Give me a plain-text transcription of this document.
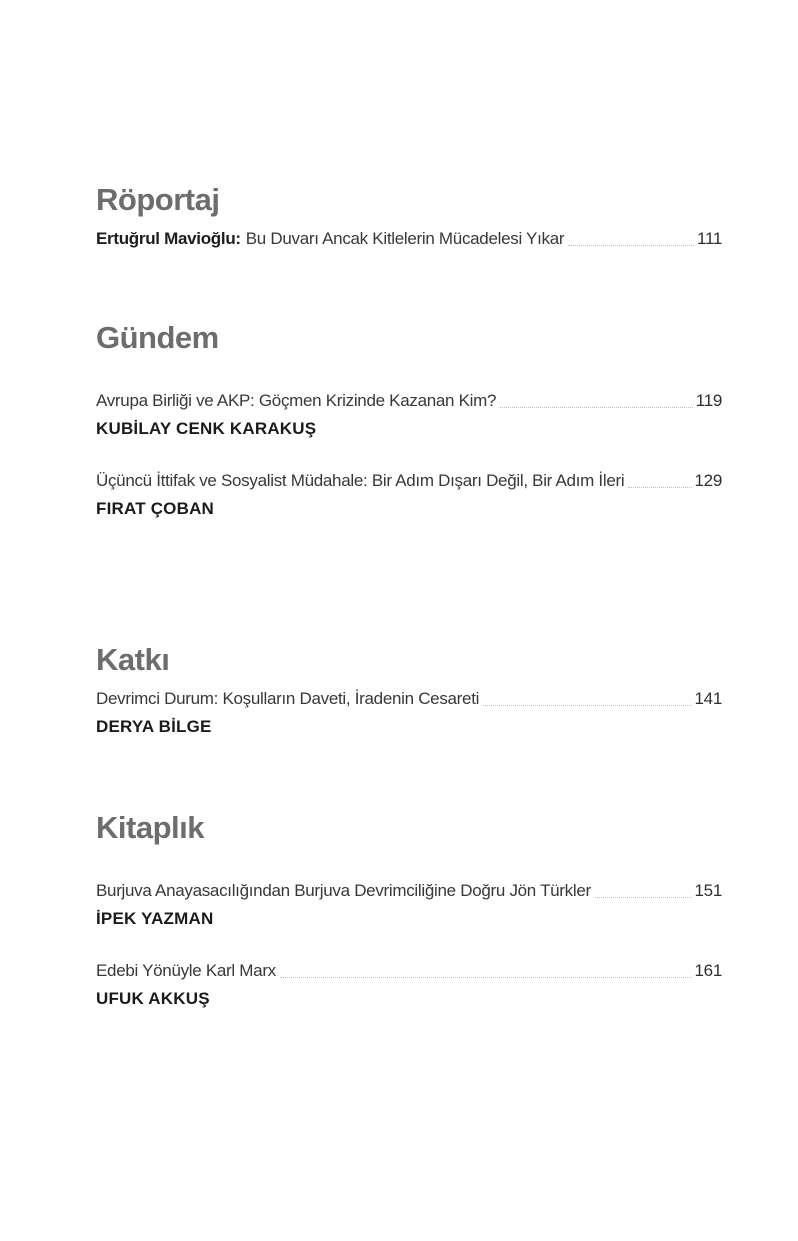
Röportaj
Ertuğrul Mavioğlu: Bu Duvarı Ancak Kitlelerin Mücadelesi Yıkar	111
Gündem
Avrupa Birliği ve AKP: Göçmen Krizinde Kazanan Kim?	119
KUBİLAY CENK KARAKUŞ
Üçüncü İttifak ve Sosyalist Müdahale: Bir Adım Dışarı Değil, Bir Adım İleri	129
FIRAT ÇOBAN
Katkı
Devrimci Durum: Koşulların Daveti, İradenin Cesareti	141
DERYA BİLGE
Kitaplık
Burjuva Anayasacılığından Burjuva Devrimciliğine Doğru Jön Türkler	151
İPEK YAZMAN
Edebi Yönüyle Karl Marx	161
UFUK AKKUŞ
